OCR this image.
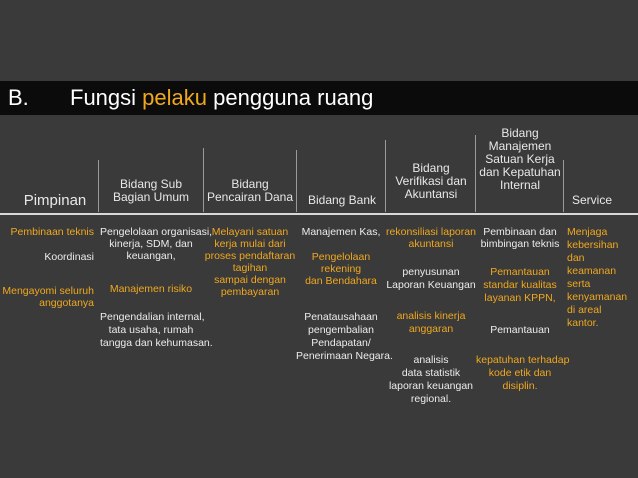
B. Fungsi pelaku pengguna ruang
Pimpinan
Bidang Sub
Bagian Umum
Bidang
Pencairan Dana	Bidang Bank
Bidang
Verifikasi dan
Akuntansi
Bidang
Manajemen
Satuan Kerja
dan Kepatuhan
Internal
Service
Pembinaan teknis
Koordinasi
Mengayomi seluruh
anggotanya
Pengelolaan organisasi,
kinerja, SDM, dan
keuangan,
Manajemen risiko
Pengendalian internal,
tata usaha, rumah
tangga dan kehumasan.
Melayani satuan
kerja mulai dari
proses pendaftaran
tagihan
sampai dengan
pembayaran
Manajemen Kas,
Pengelolaan
rekening
dan Bendahara
Penatausahaan
pengembalian
Pendapatan/
Penerimaan Negara.
rekonsiliasi laporan
akuntansi
penyusunan
Laporan Keuangan
analisis kinerja
anggaran
analisis
data statistik
laporan keuangan
regional.
Pembinaan dan
bimbingan teknis
Pemantauan
standar kualitas
layanan KPPN,
Pemantauan
kepatuhan terhadap
kode etik dan
disiplin.
Menjaga
kebersihan
dan
keamanan
serta
kenyamanan
di areal
kantor.
